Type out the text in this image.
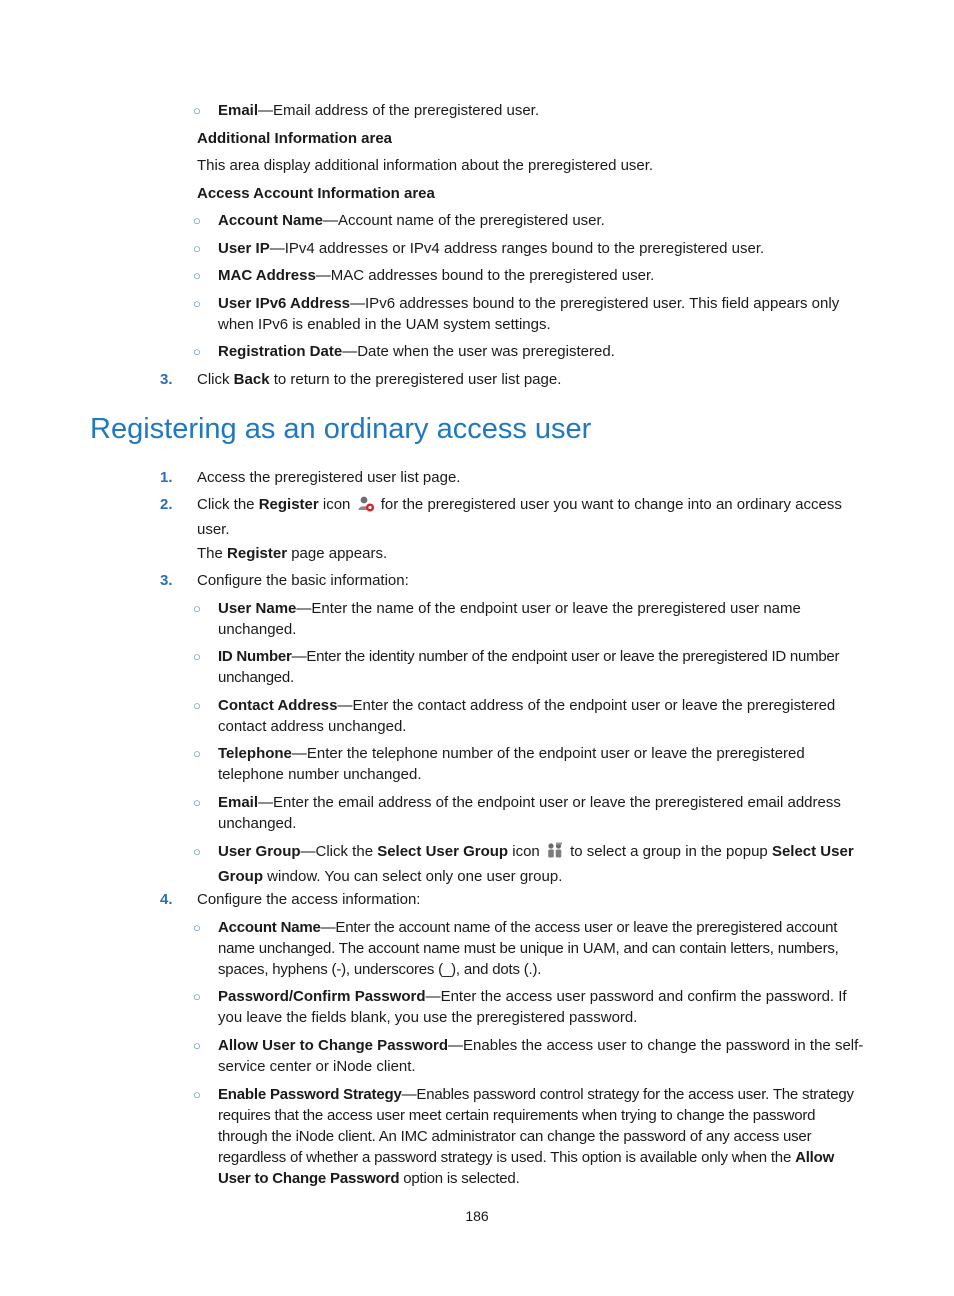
○ Email—Email address of the preregistered user.
Additional Information area
This area display additional information about the preregistered user.
Access Account Information area
○ Account Name—Account name of the preregistered user.
○ User IP—IPv4 addresses or IPv4 address ranges bound to the preregistered user.
○ MAC Address—MAC addresses bound to the preregistered user.
○ User IPv6 Address—IPv6 addresses bound to the preregistered user. This field appears only when IPv6 is enabled in the UAM system settings.
○ Registration Date—Date when the user was preregistered.
3. Click Back to return to the preregistered user list page.
Registering as an ordinary access user
1. Access the preregistered user list page.
2. Click the Register icon  for the preregistered user you want to change into an ordinary access user.
The Register page appears.
3. Configure the basic information:
○ User Name—Enter the name of the endpoint user or leave the preregistered user name unchanged.
○ ID Number—Enter the identity number of the endpoint user or leave the preregistered ID number unchanged.
○ Contact Address—Enter the contact address of the endpoint user or leave the preregistered contact address unchanged.
○ Telephone—Enter the telephone number of the endpoint user or leave the preregistered telephone number unchanged.
○ Email—Enter the email address of the endpoint user or leave the preregistered email address unchanged.
○ User Group—Click the Select User Group icon  to select a group in the popup Select User Group window. You can select only one user group.
4. Configure the access information:
○ Account Name—Enter the account name of the access user or leave the preregistered account name unchanged. The account name must be unique in UAM, and can contain letters, numbers, spaces, hyphens (-), underscores (_), and dots (.).
○ Password/Confirm Password—Enter the access user password and confirm the password. If you leave the fields blank, you use the preregistered password.
○ Allow User to Change Password—Enables the access user to change the password in the self-service center or iNode client.
○ Enable Password Strategy—Enables password control strategy for the access user. The strategy requires that the access user meet certain requirements when trying to change the password through the iNode client. An IMC administrator can change the password of any access user regardless of whether a password strategy is used. This option is available only when the Allow User to Change Password option is selected.
186
